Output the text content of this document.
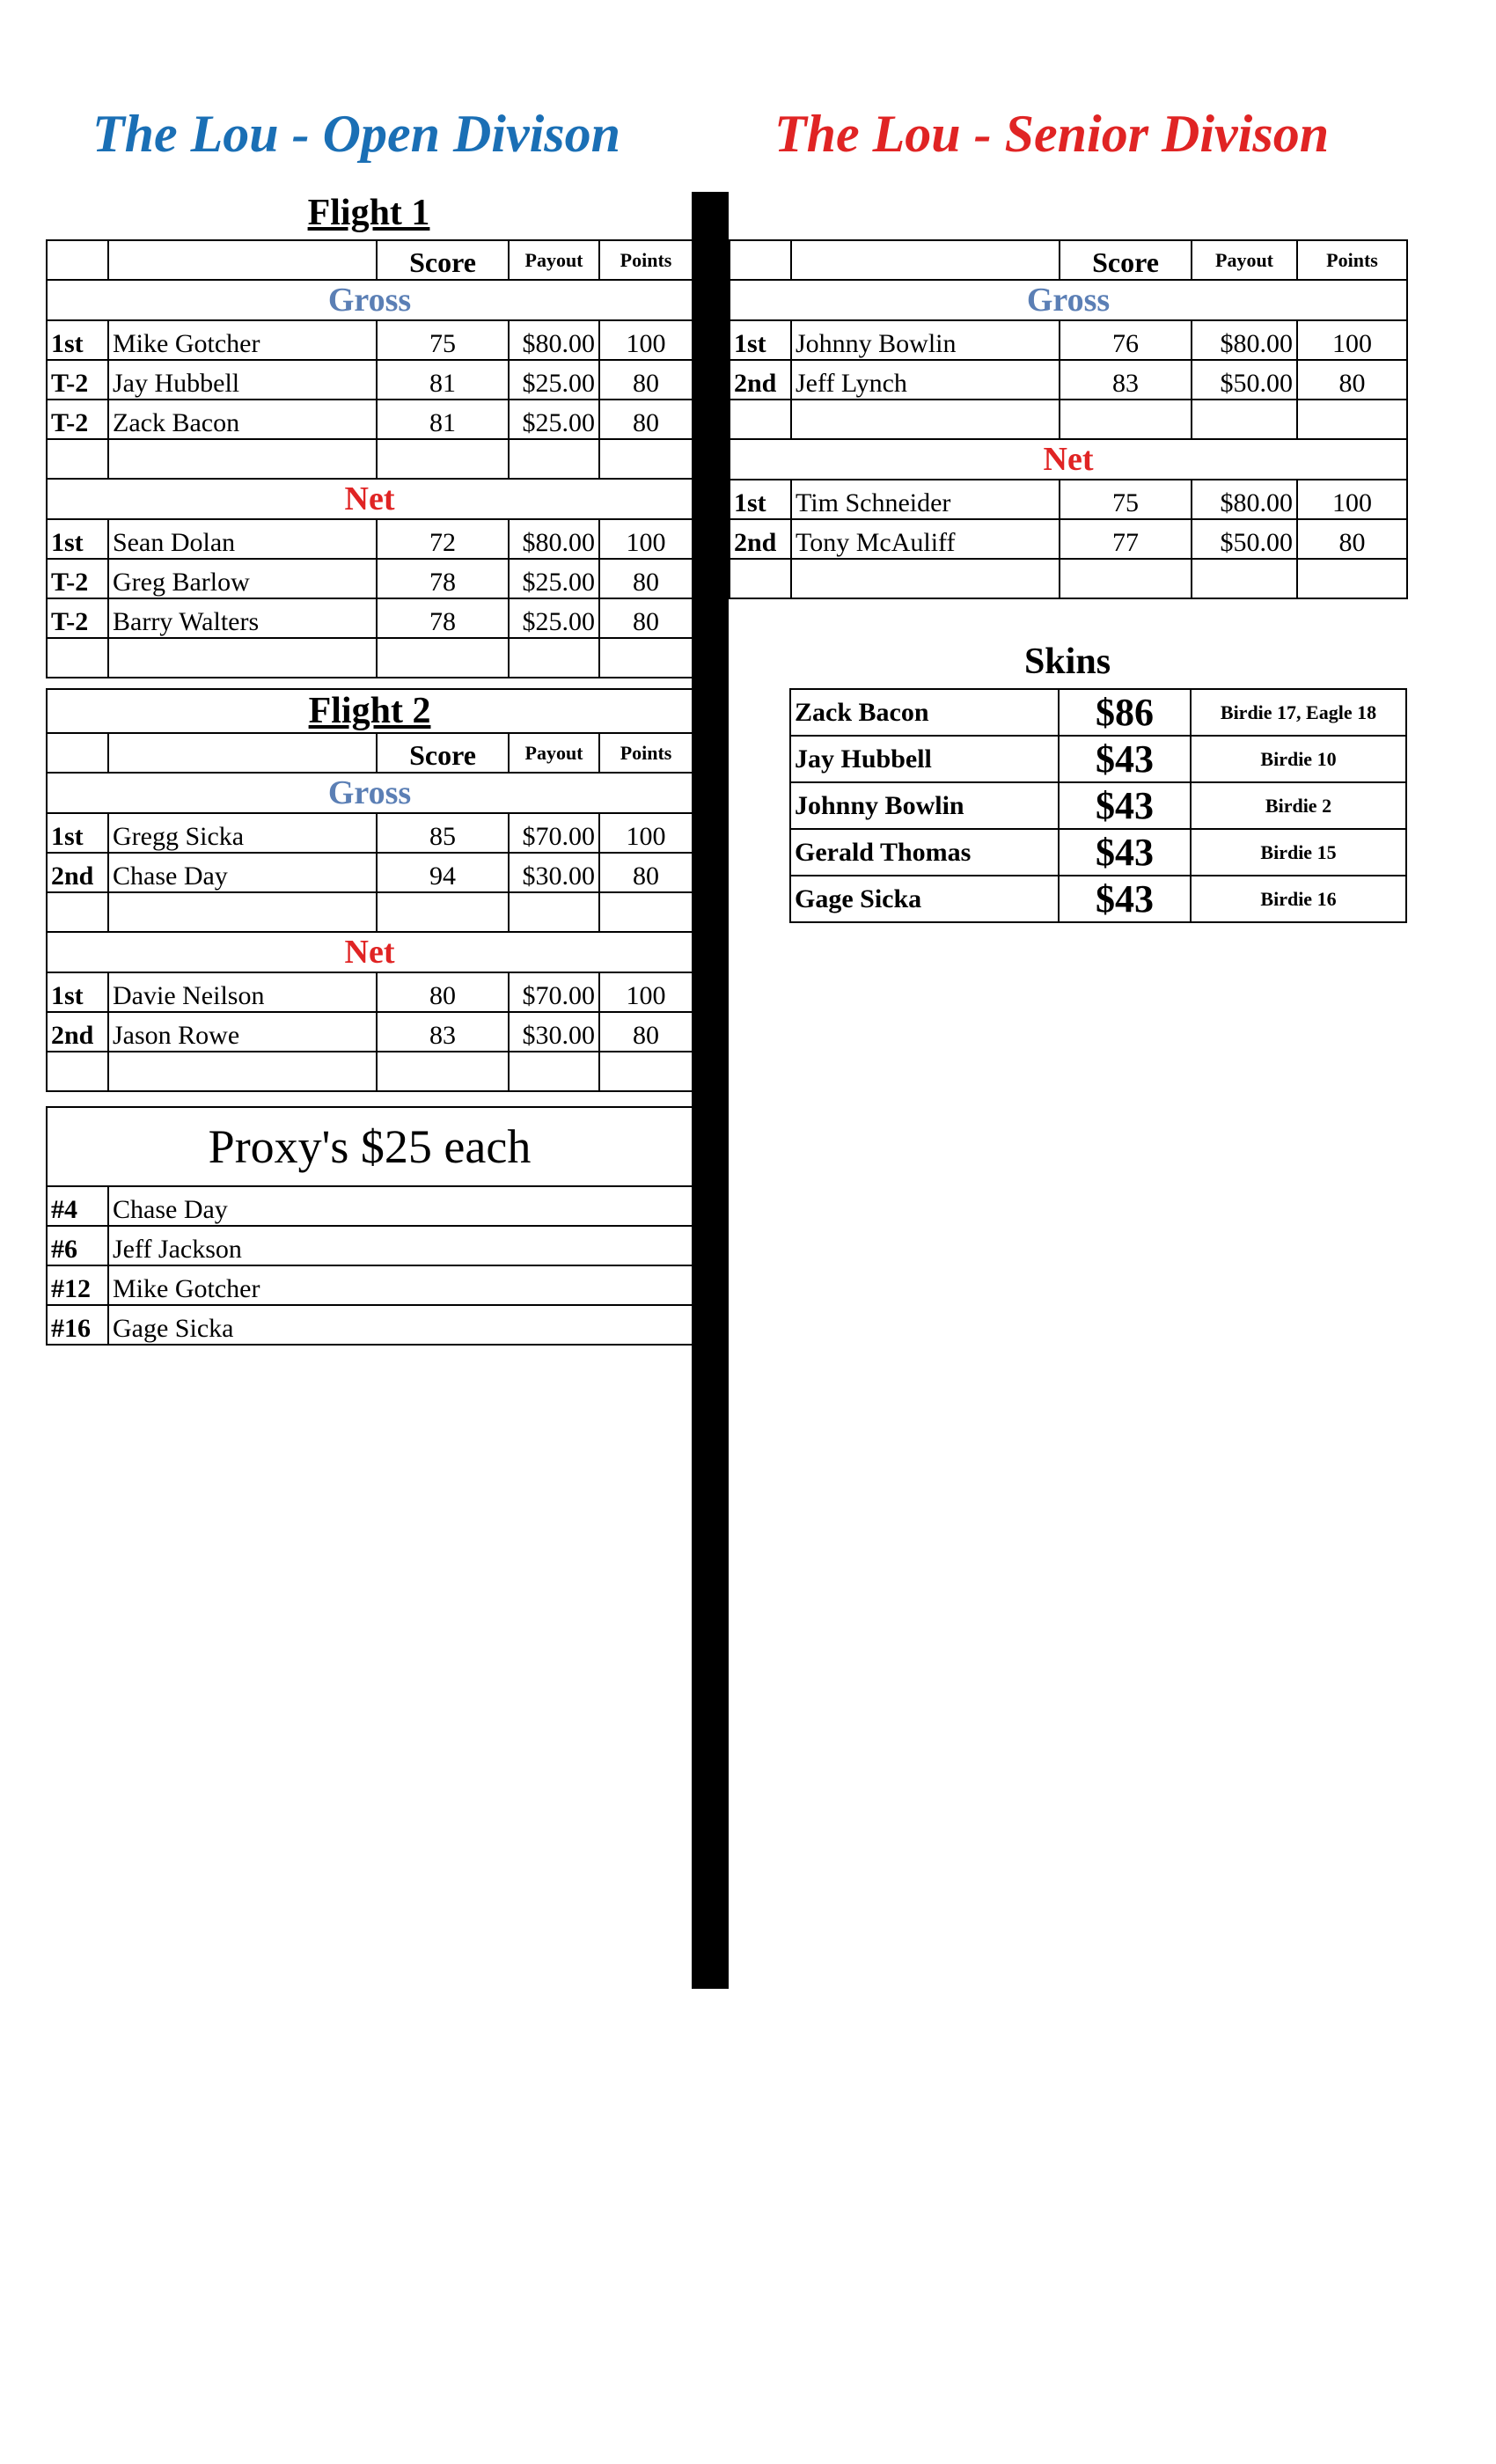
The Lou - Open Divison	The Lou - Senior Divison
Flight 1
		Score	Payout	Points
Gross				
1st	Mike Gotcher	75	$80.00	100
T-2	Jay Hubbell	81	$25.00	80
T-2	Zack Bacon	81	$25.00	80

Net				
1st	Sean Dolan	72	$80.00	100
T-2	Greg Barlow	78	$25.00	80
T-2	Barry Walters	78	$25.00	80

Flight 2				
		Score	Payout	Points
Gross				
1st	Gregg Sicka	85	$70.00	100
2nd	Chase Day	94	$30.00	80

Net				
1st	Davie Neilson	80	$70.00	100
2nd	Jason Rowe	83	$30.00	80

Proxy's $25 each	
#4	Chase Day
#6	Jeff Jackson
#12	Mike Gotcher
#16	Gage Sicka
		Score	Payout	Points
Gross				
1st	Johnny Bowlin	76	$80.00	100
2nd	Jeff Lynch	83	$50.00	80

Net				
1st	Tim Schneider	75	$80.00	100
2nd	Tony McAuliff	77	$50.00	80

Skins
	Zack Bacon	$86	Birdie 17, Eagle 18
	Jay Hubbell	$43	Birdie 10
	Johnny Bowlin	$43	Birdie 2
	Gerald Thomas	$43	Birdie 15
	Gage Sicka	$43	Birdie 16
